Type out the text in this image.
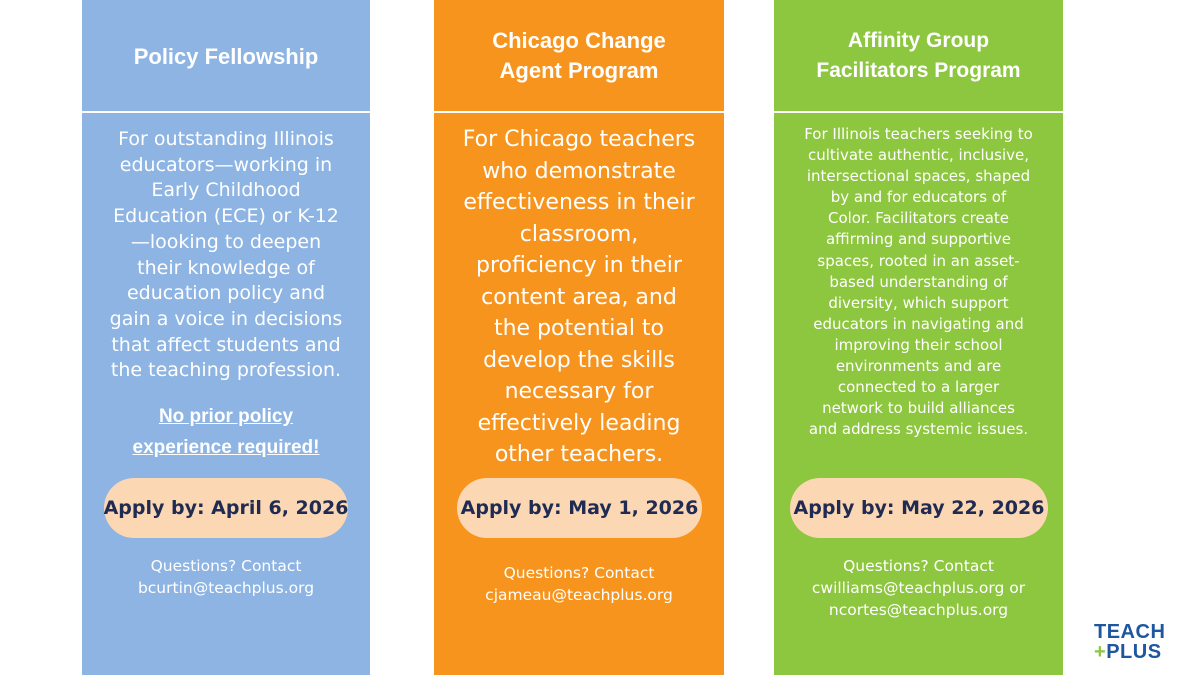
Policy Fellowship
For outstanding Illinois
educators—working in
Early Childhood
Education (ECE) or K-12
—looking to deepen
their knowledge of
education policy and
gain a voice in decisions
that affect students and
the teaching profession.
No prior policy
experience required!
Apply by: April 6, 2026
Questions? Contact
bcurtin@teachplus.org
Chicago Change
Agent Program
For Chicago teachers
who demonstrate
effectiveness in their
classroom,
proficiency in their
content area, and
the potential to
develop the skills
necessary for
effectively leading
other teachers.
Apply by: May 1, 2026
Questions? Contact
cjameau@teachplus.org
Affinity Group
Facilitators Program
For Illinois teachers seeking to
cultivate authentic, inclusive,
intersectional spaces, shaped
by and for educators of
Color. Facilitators create
affirming and supportive
spaces, rooted in an asset-
based understanding of
diversity, which support
educators in navigating and
improving their school
environments and are
connected to a larger
network to build alliances
and address systemic issues.
Apply by: May 22, 2026
Questions? Contact
cwilliams@teachplus.org or
ncortes@teachplus.org
TEACH
+PLUS
